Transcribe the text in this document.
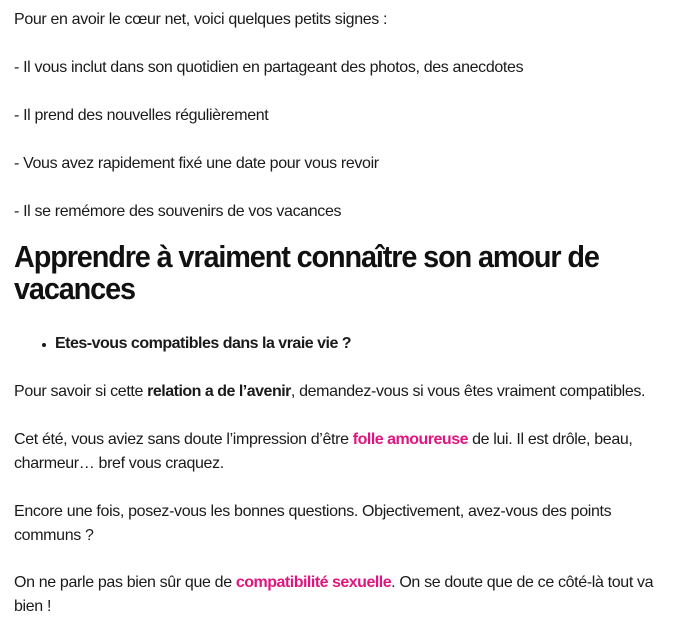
Pour en avoir le cœur net, voici quelques petits signes :

- Il vous inclut dans son quotidien en partageant des photos, des anecdotes

- Il prend des nouvelles régulièrement

- Vous avez rapidement fixé une date pour vous revoir

- Il se remémore des souvenirs de vos vacances

Apprendre à vraiment connaître son amour de vacances
Etes-vous compatibles dans la vraie vie ?

Pour savoir si cette relation a de l’avenir, demandez-vous si vous êtes vraiment compatibles.

Cet été, vous aviez sans doute l’impression d’être folle amoureuse de lui. Il est drôle, beau, charmeur… bref vous craquez.

Encore une fois, posez-vous les bonnes questions. Objectivement, avez-vous des points communs ?

On ne parle pas bien sûr que de compatibilité sexuelle. On se doute que de ce côté-là tout va bien !
